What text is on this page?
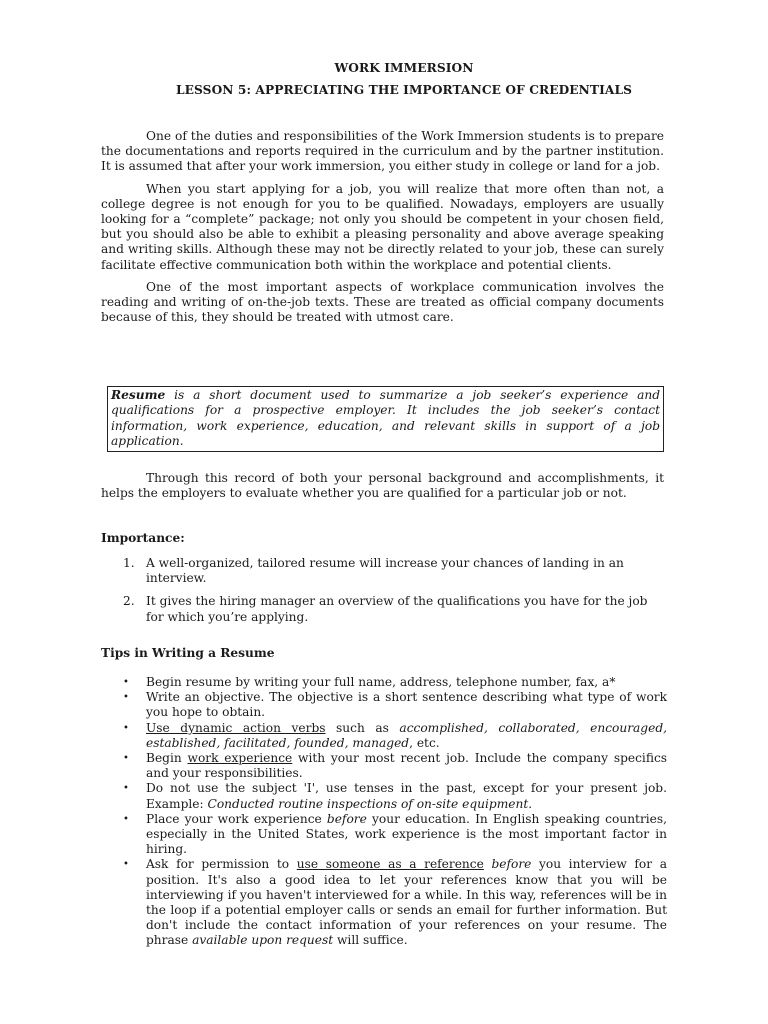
WORK IMMERSION
LESSON 5: APPRECIATING THE IMPORTANCE OF CREDENTIALS

One of the duties and responsibilities of the Work Immersion students is to prepare the documentations and reports required in the curriculum and by the partner institution. It is assumed that after your work immersion, you either study in college or land for a job.

When you start applying for a job, you will realize that more often than not, a college degree is not enough for you to be qualified. Nowadays, employers are usually looking for a “complete” package; not only you should be competent in your chosen field, but you should also be able to exhibit a pleasing personality and above average speaking and writing skills. Although these may not be directly related to your job, these can surely facilitate effective communication both within the workplace and potential clients.

One of the most important aspects of workplace communication involves the reading and writing of on-the-job texts. These are treated as official company documents because of this, they should be treated with utmost care.

Resume is a short document used to summarize a job seeker’s experience and qualifications for a prospective employer. It includes the job seeker’s contact information, work experience, education, and relevant skills in support of a job application.

Through this record of both your personal background and accomplishments, it helps the employers to evaluate whether you are qualified for a particular job or not.

Importance:
1. A well-organized, tailored resume will increase your chances of landing in an interview.
2. It gives the hiring manager an overview of the qualifications you have for the job for which you’re applying.
Tips in Writing a Resume
• Begin resume by writing your full name, address, telephone number, fax, a*
• Write an objective. The objective is a short sentence describing what type of work you hope to obtain.
• Use dynamic action verbs such as accomplished, collaborated, encouraged, established, facilitated, founded, managed, etc.
• Begin work experience with your most recent job. Include the company specifics and your responsibilities.
• Do not use the subject 'I', use tenses in the past, except for your present job. Example: Conducted routine inspections of on-site equipment.
• Place your work experience before your education. In English speaking countries, especially in the United States, work experience is the most important factor in hiring.
• Ask for permission to use someone as a reference before you interview for a position. It's also a good idea to let your references know that you will be interviewing if you haven't interviewed for a while. In this way, references will be in the loop if a potential employer calls or sends an email for further information. But don't include the contact information of your references on your resume. The phrase available upon request will suffice.
